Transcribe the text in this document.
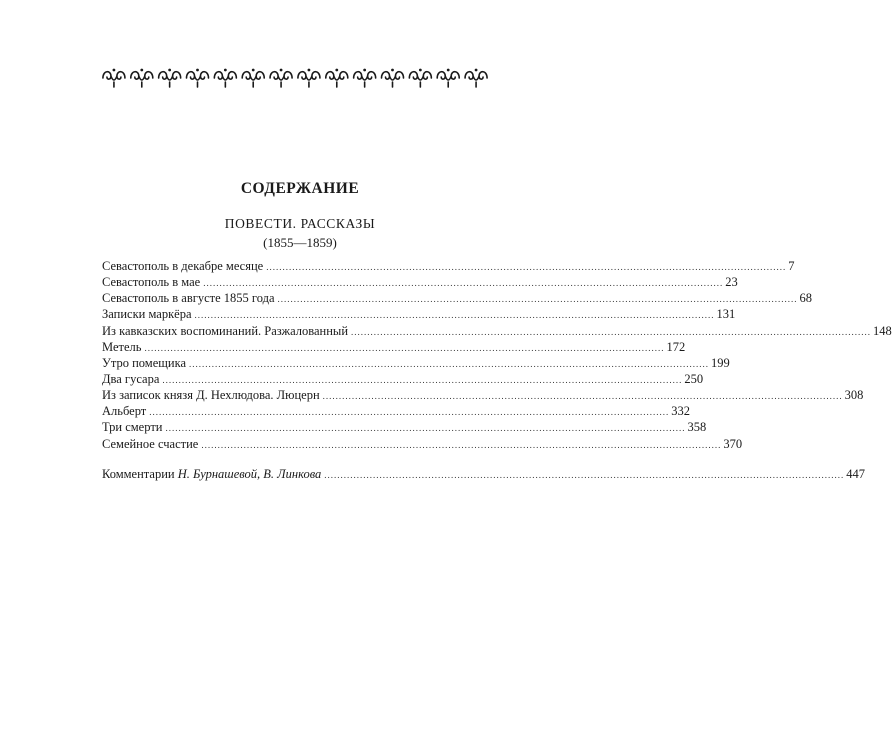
СОДЕРЖАНИЕ
ПОВЕСТИ. РАССКАЗЫ
(1855—1859)
Севастополь в декабре месяце ................................................................................................................................................................ 7
Севастополь в мае ................................................................................................................................................................ 23
Севастополь в августе 1855 года ................................................................................................................................................................ 68
Записки маркёра ................................................................................................................................................................ 131
Из кавказских воспоминаний. Разжалованный ................................................................................................................................................................ 148
Метель ................................................................................................................................................................ 172
Утро помещика ................................................................................................................................................................ 199
Два гусара ................................................................................................................................................................ 250
Из записок князя Д. Нехлюдова. Люцерн ................................................................................................................................................................ 308
Альберт ................................................................................................................................................................ 332
Три смерти ................................................................................................................................................................ 358
Семейное счастие ................................................................................................................................................................ 370
Комментарии Н. Бурнашевой, В. Линкова ................................................................................................................................................................ 447
